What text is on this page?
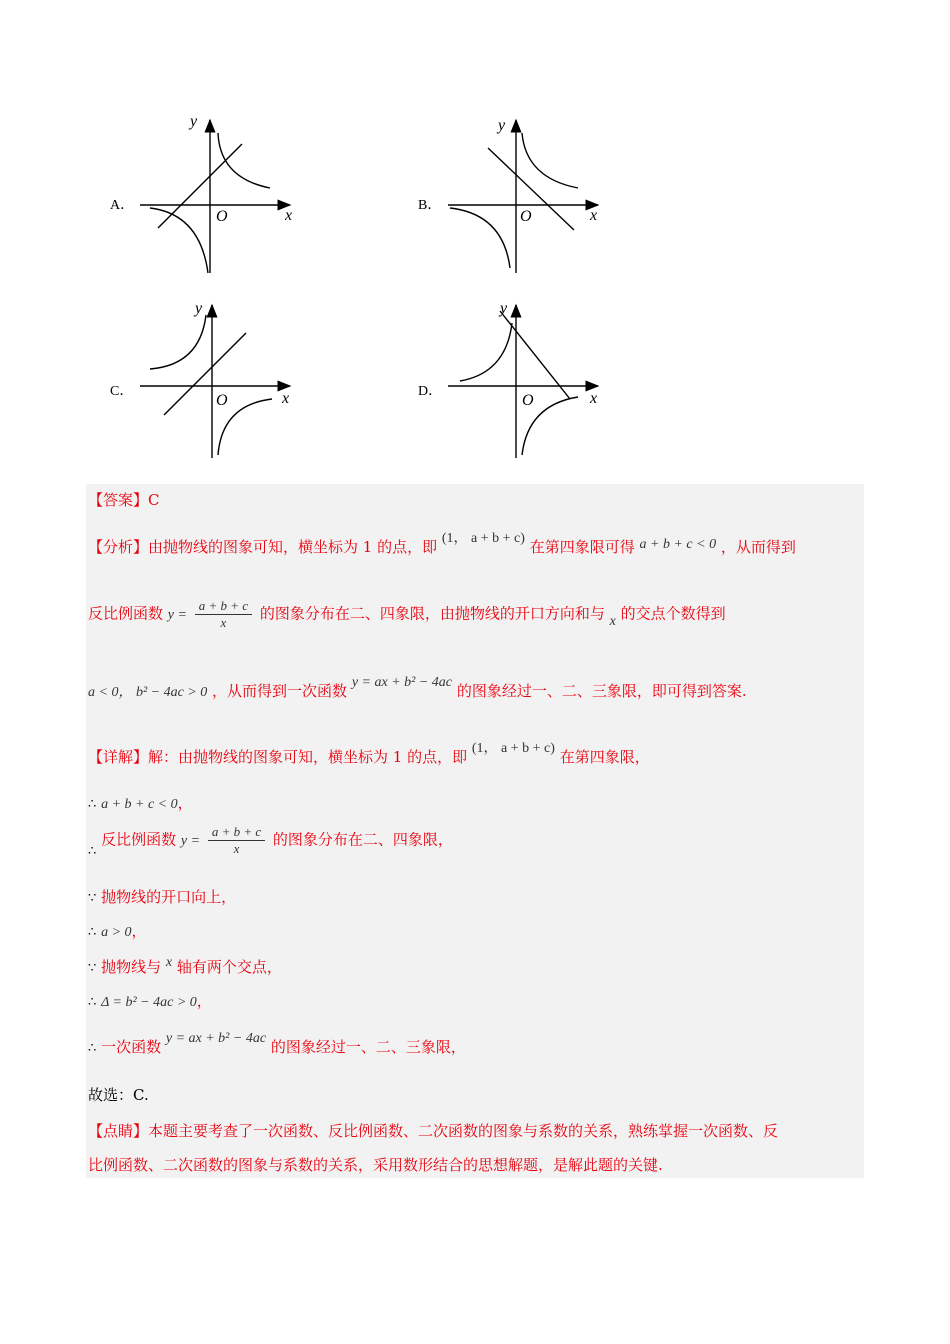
A．
y
x
O
B．
y
x
O
C．
y
x
O
D．
y
x
O
【答案】C
【分析】由抛物线的图象可知，横坐标为 1 的点，即 (1， a + b + c) 在第四象限可得 a + b + c < 0 ，从而得到
反比例函数 $y = \frac{a + b + c}{x}$ 的图象分布在二、四象限，由抛物线的开口方向和与 x 的交点个数得到
a < 0， b² − 4ac > 0 ，从而得到一次函数 y = ax + b² − 4ac 的图象经过一、二、三象限，即可得到答案.
【详解】解：由抛物线的图象可知，横坐标为 1 的点，即 (1， a + b + c) 在第四象限，
∴ a + b + c < 0，
∴ 反比例函数 $y = \frac{a + b + c}{x}$ 的图象分布在二、四象限，
∵ 抛物线的开口向上，
∴ a > 0，
∵ 抛物线与 x 轴有两个交点，
∴ Δ = b² − 4ac > 0，
∴ 一次函数 y = ax + b² − 4ac 的图象经过一、二、三象限，
故选：C.
【点睛】本题主要考查了一次函数、反比例函数、二次函数的图象与系数的关系，熟练掌握一次函数、反
比例函数、二次函数的图象与系数的关系，采用数形结合的思想解题，是解此题的关键.
